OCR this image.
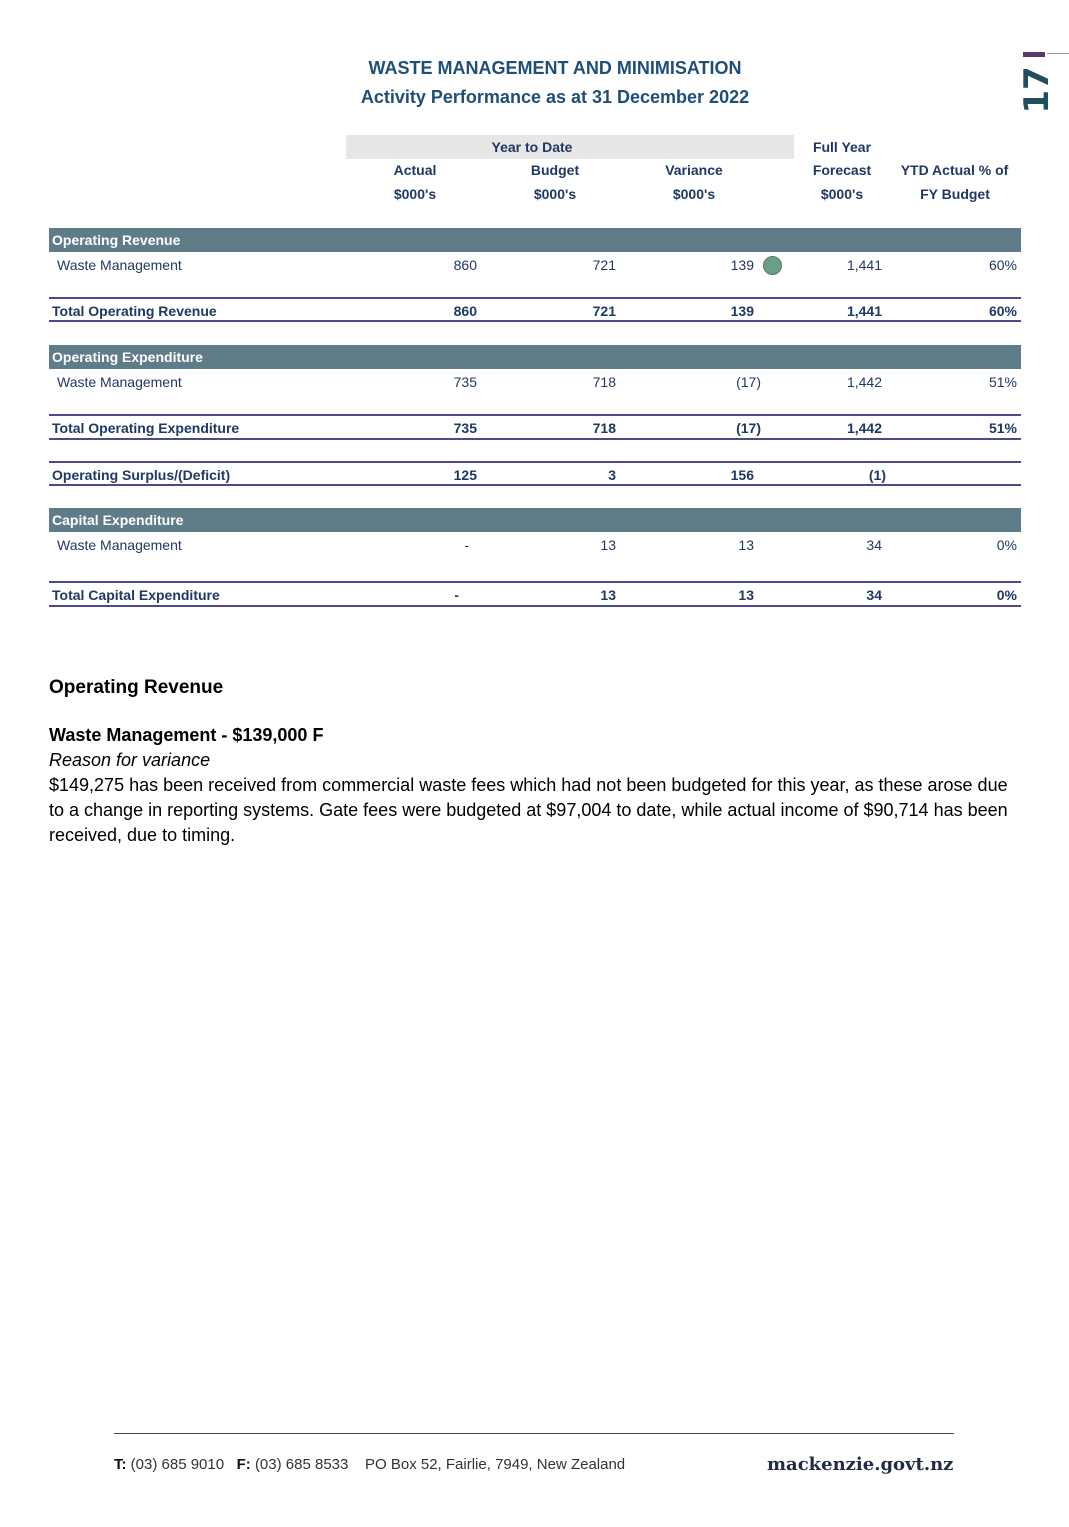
17
WASTE MANAGEMENT AND MINIMISATION
Activity Performance as at 31 December 2022
Year to Date	Full Year
Actual	Budget	Variance	Forecast	YTD Actual % of
$000's	$000's	$000's	$000's	FY Budget
Operating Revenue
Waste Management	860	721	139	1,441	60%
Total Operating Revenue	860	721	139	1,441	60%
Operating Expenditure
Waste Management	735	718	(17)	1,442	51%
Total Operating Expenditure	735	718	(17)	1,442	51%
Operating Surplus/(Deficit)	125	3	156	(1)
Capital Expenditure
Waste Management	-	13	13	34	0%
Total Capital Expenditure	-	13	13	34	0%
Operating Revenue
Waste Management - $139,000 F
Reason for variance
$149,275 has been received from commercial waste fees which had not been budgeted for this year, as these arose due to a change in reporting systems. Gate fees were budgeted at $97,004 to date, while actual income of $90,714 has been received, due to timing.
T: (03) 685 9010 F: (03) 685 8533 PO Box 52, Fairlie, 7949, New Zealand	mackenzie.govt.nz
